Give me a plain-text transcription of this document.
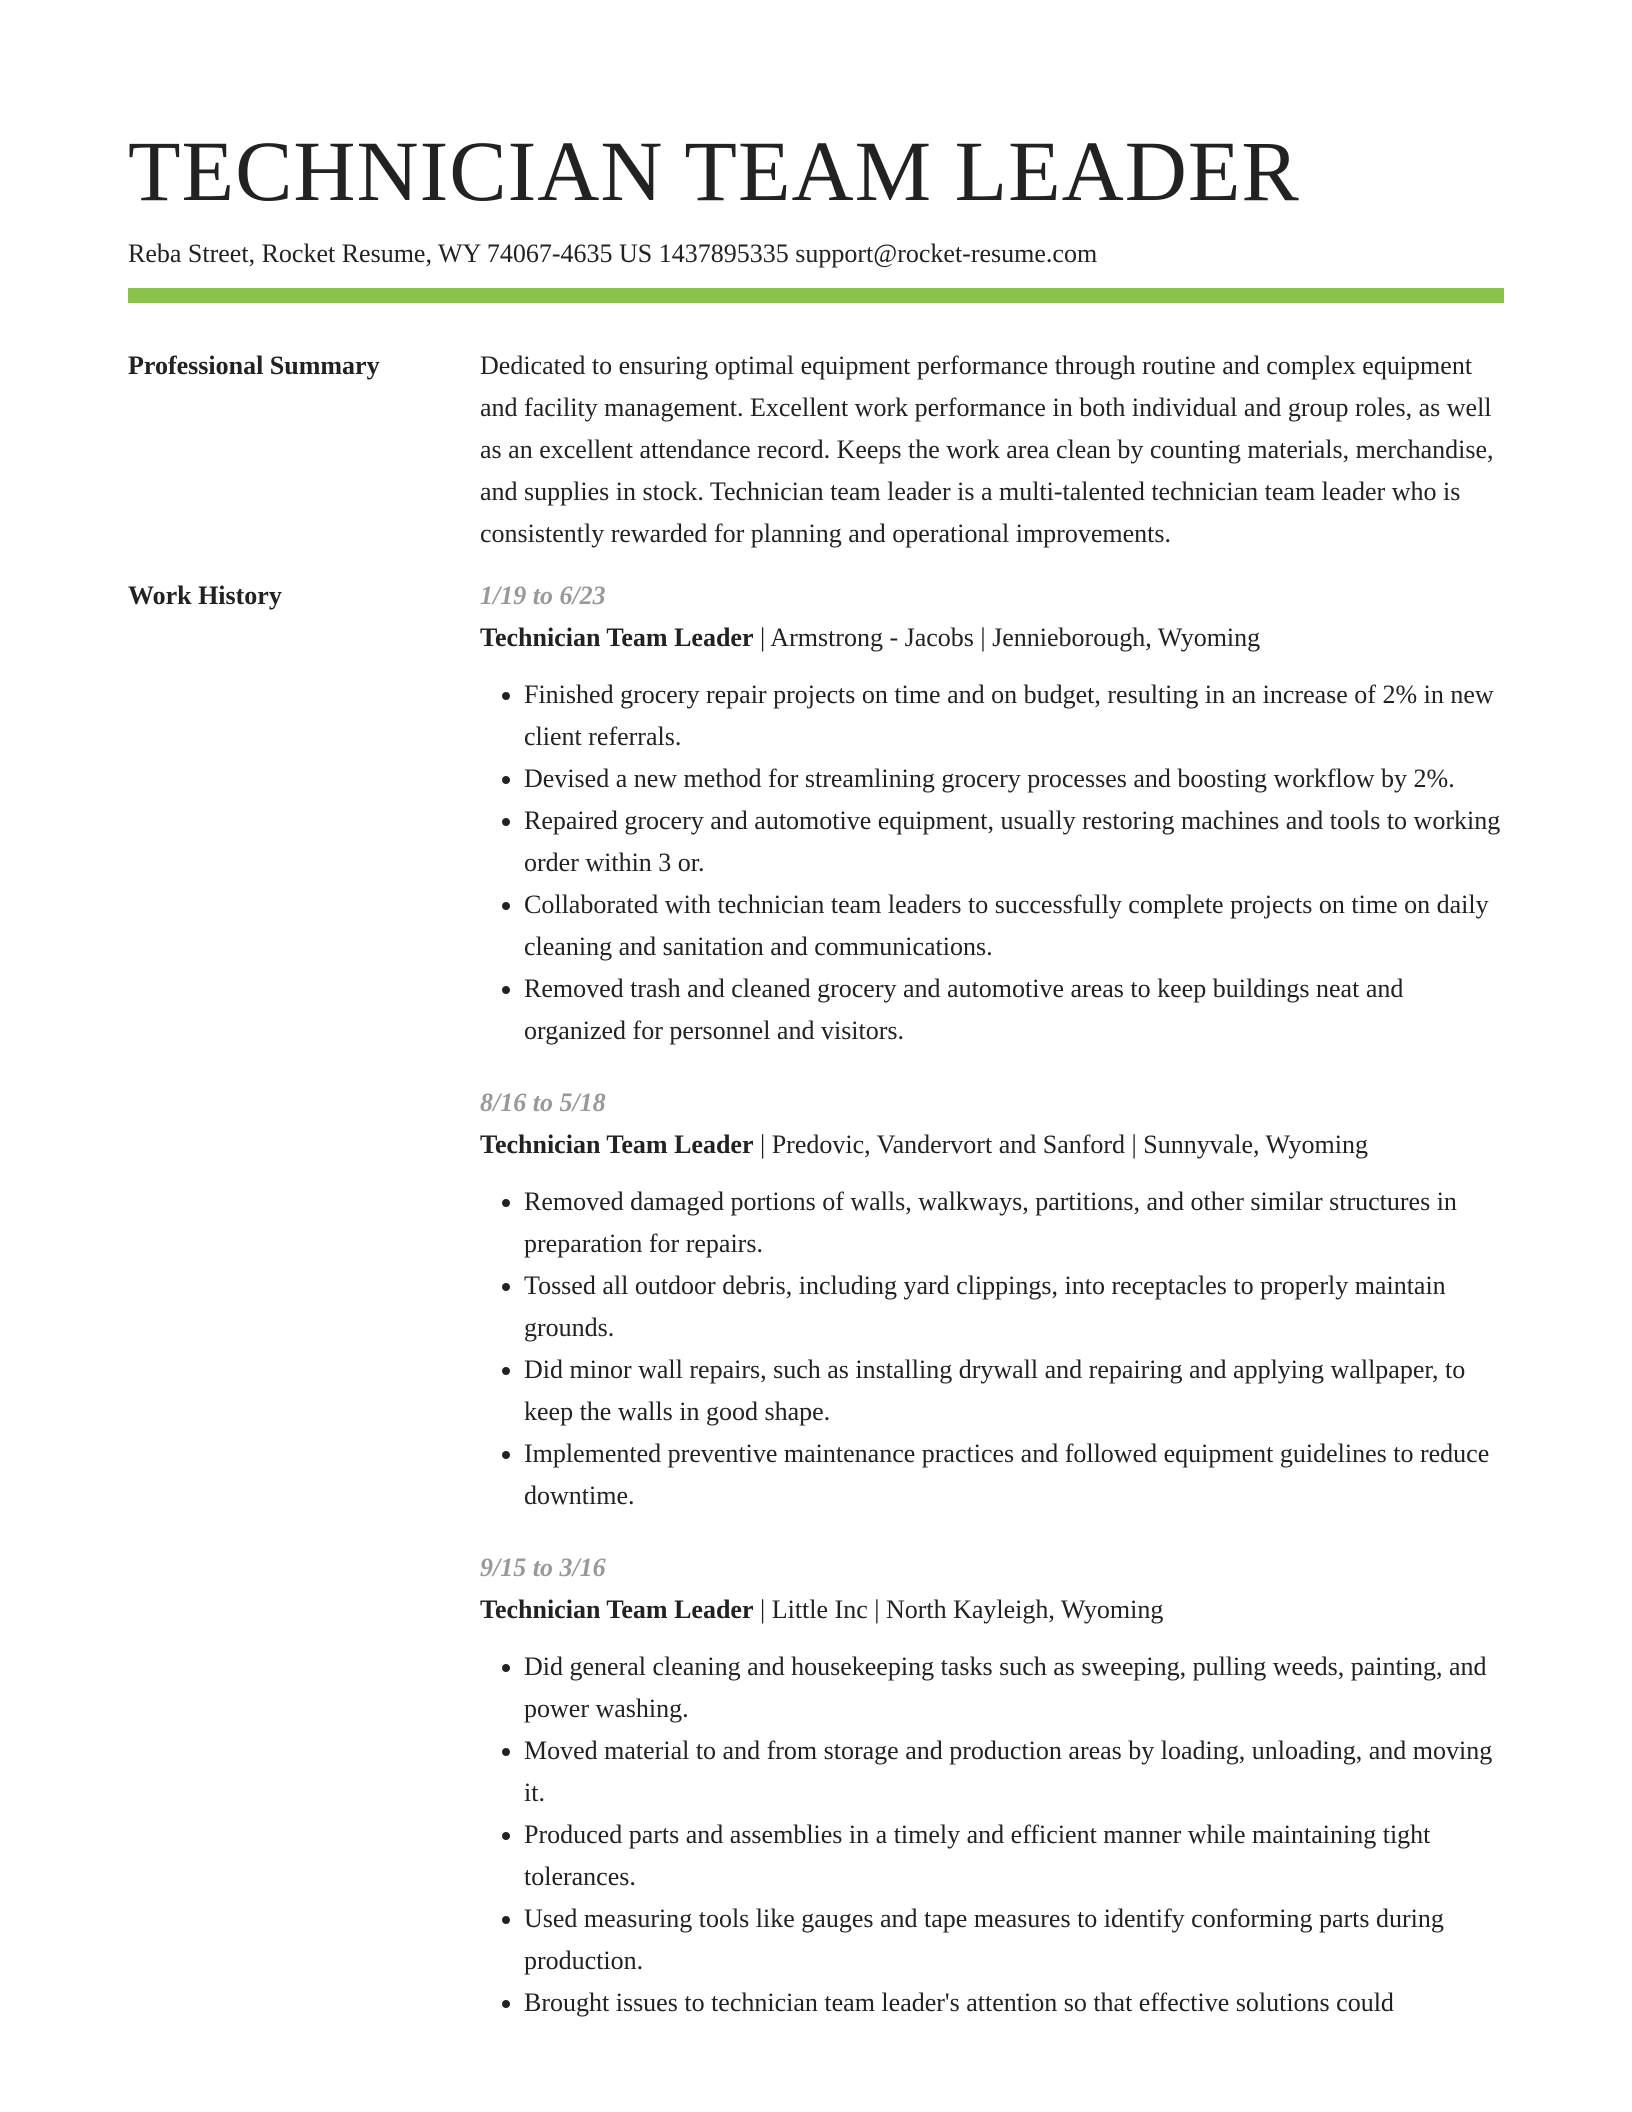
TECHNICIAN TEAM LEADER
Reba Street, Rocket Resume, WY 74067-4635 US 1437895335 support@rocket-resume.com
Professional Summary	Dedicated to ensuring optimal equipment performance through routine and complex equipment and facility management. Excellent work performance in both individual and group roles, as well as an excellent attendance record. Keeps the work area clean by counting materials, merchandise, and supplies in stock. Technician team leader is a multi-talented technician team leader who is consistently rewarded for planning and operational improvements.

Work History	1/19 to 6/23
Technician Team Leader | Armstrong - Jacobs | Jennieborough, Wyoming
• Finished grocery repair projects on time and on budget, resulting in an increase of 2% in new client referrals.
• Devised a new method for streamlining grocery processes and boosting workflow by 2%.
• Repaired grocery and automotive equipment, usually restoring machines and tools to working order within 3 or.
• Collaborated with technician team leaders to successfully complete projects on time on daily cleaning and sanitation and communications.
• Removed trash and cleaned grocery and automotive areas to keep buildings neat and organized for personnel and visitors.
8/16 to 5/18
Technician Team Leader | Predovic, Vandervort and Sanford | Sunnyvale, Wyoming
• Removed damaged portions of walls, walkways, partitions, and other similar structures in preparation for repairs.
• Tossed all outdoor debris, including yard clippings, into receptacles to properly maintain grounds.
• Did minor wall repairs, such as installing drywall and repairing and applying wallpaper, to keep the walls in good shape.
• Implemented preventive maintenance practices and followed equipment guidelines to reduce downtime.
9/15 to 3/16
Technician Team Leader | Little Inc | North Kayleigh, Wyoming
• Did general cleaning and housekeeping tasks such as sweeping, pulling weeds, painting, and power washing.
• Moved material to and from storage and production areas by loading, unloading, and moving it.
• Produced parts and assemblies in a timely and efficient manner while maintaining tight tolerances.
• Used measuring tools like gauges and tape measures to identify conforming parts during production.
• Brought issues to technician team leader's attention so that effective solutions could
